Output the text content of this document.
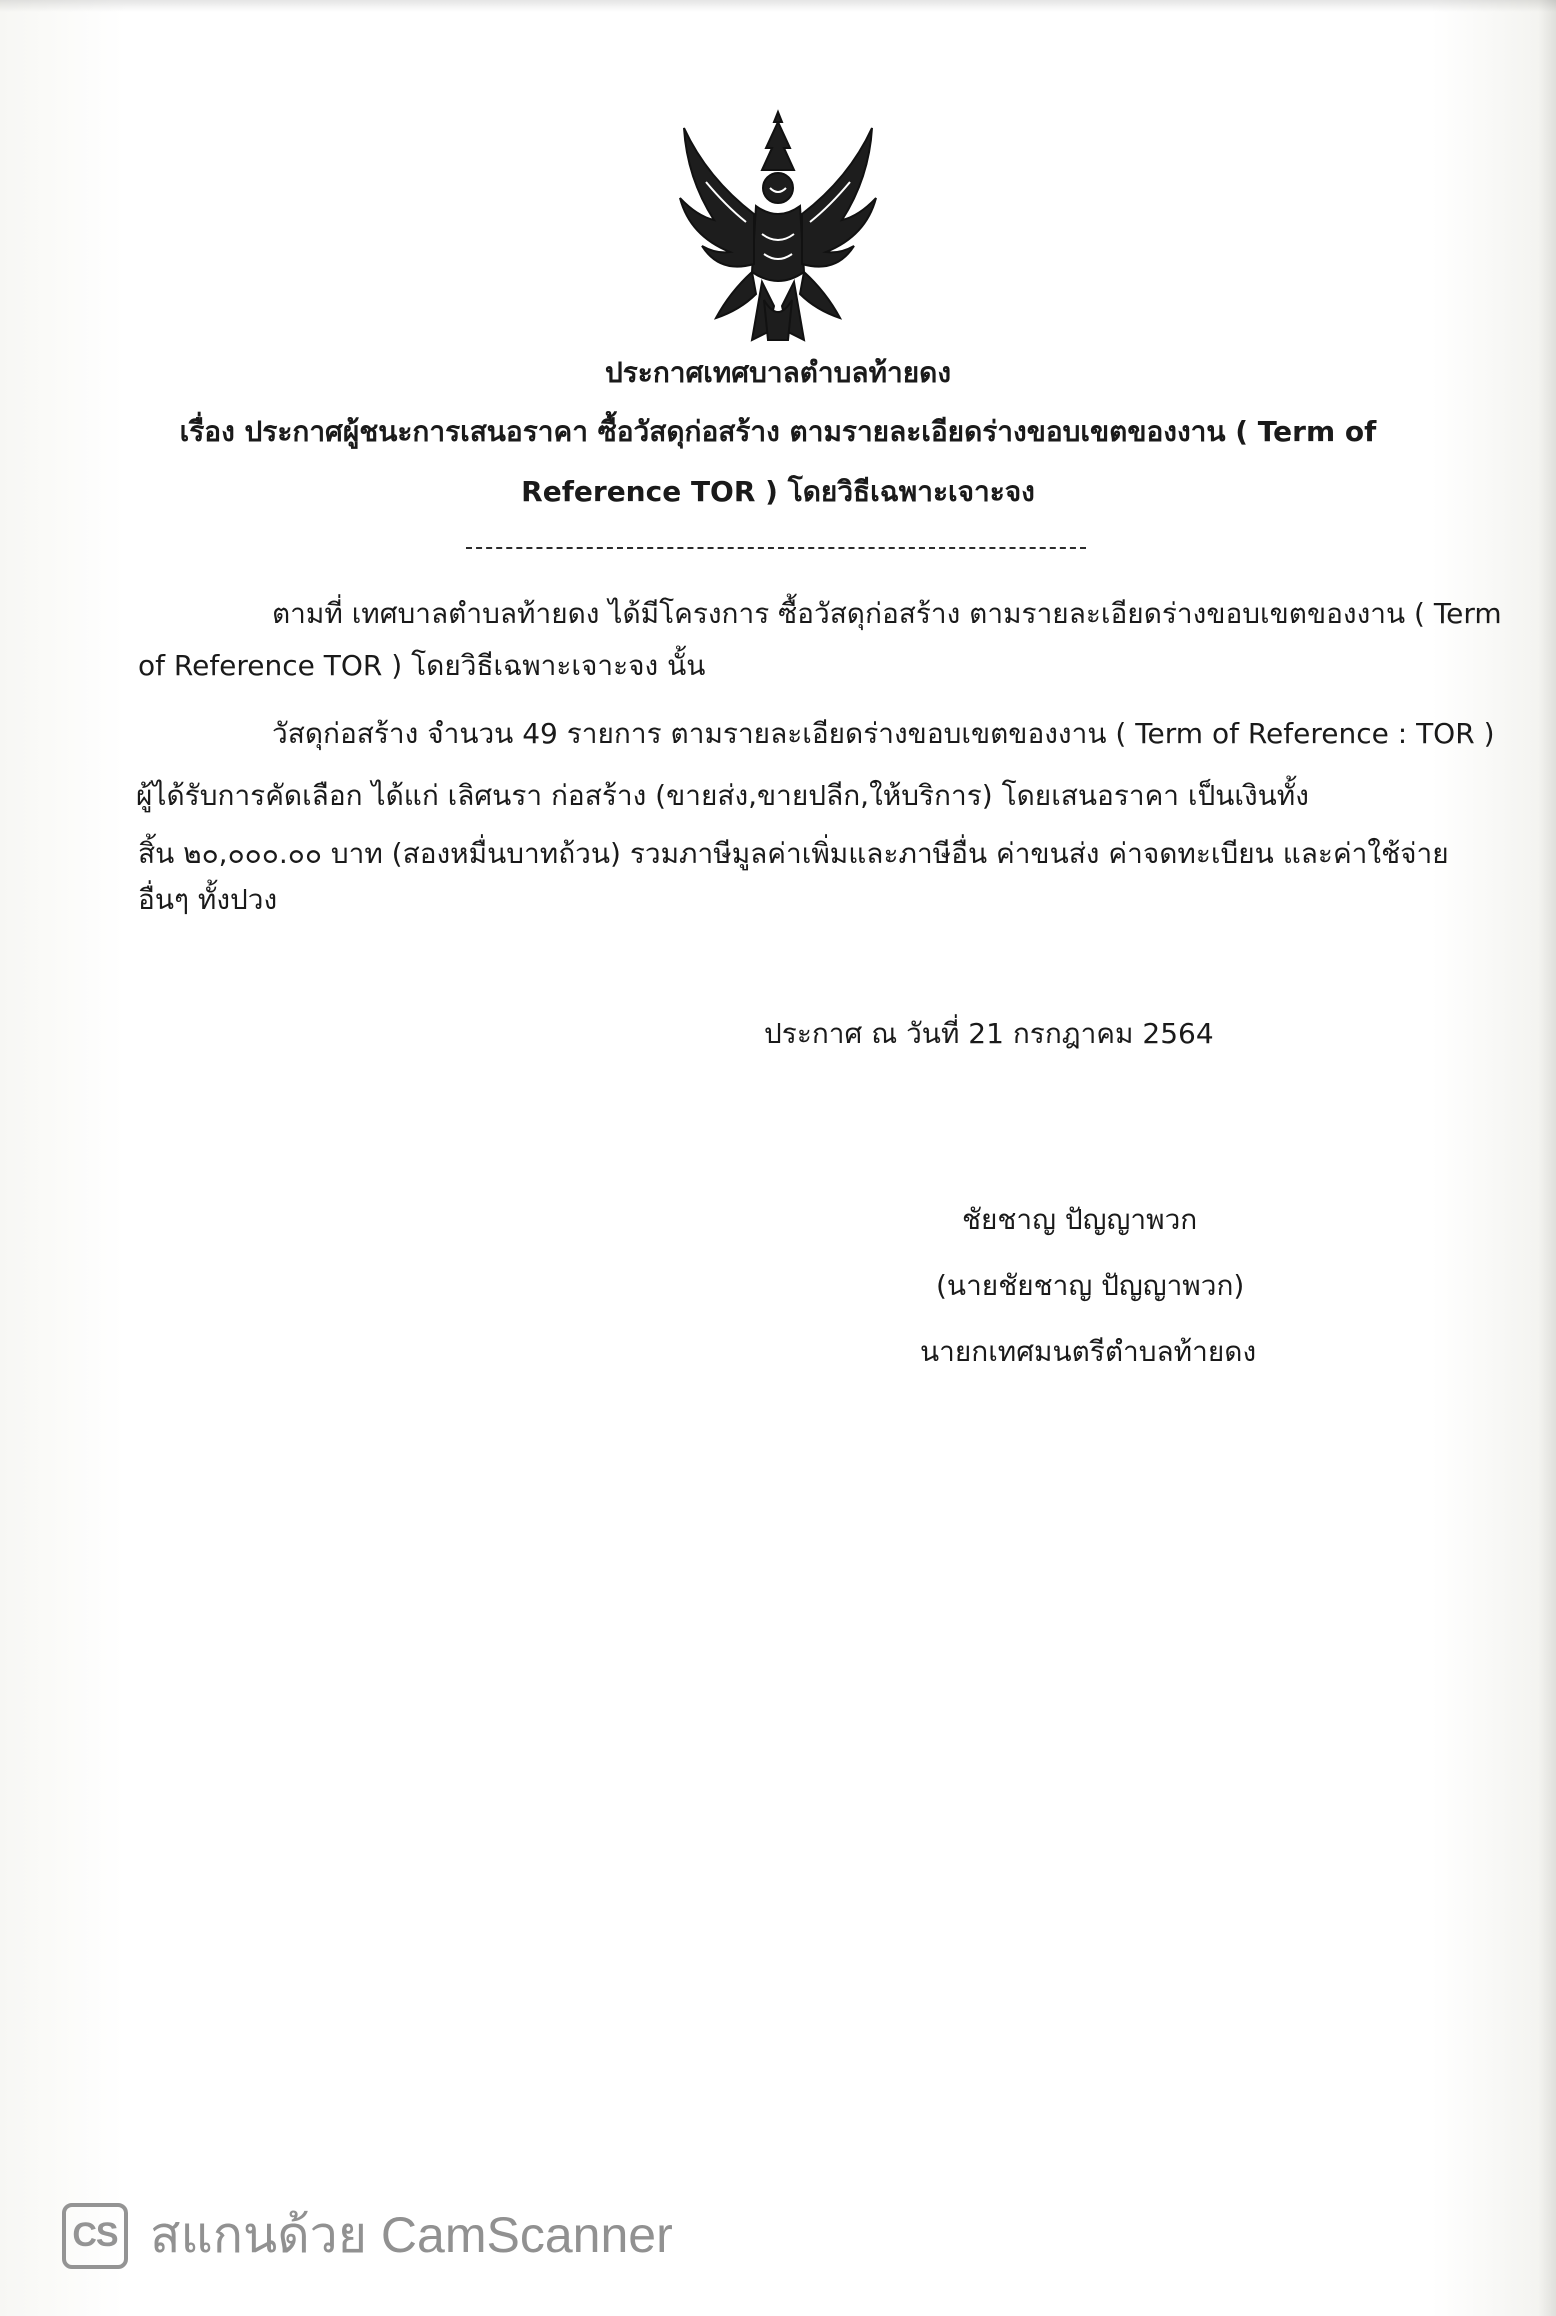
ประกาศเทศบาลตำบลท้ายดง

เรื่อง ประกาศผู้ชนะการเสนอราคา ซื้อวัสดุก่อสร้าง ตามรายละเอียดร่างขอบเขตของงาน ( Term of

Reference TOR ) โดยวิธีเฉพาะเจาะจง

ตามที่ เทศบาลตำบลท้ายดง ได้มีโครงการ ซื้อวัสดุก่อสร้าง ตามรายละเอียดร่างขอบเขตของงาน ( Term

of Reference TOR ) โดยวิธีเฉพาะเจาะจง นั้น

วัสดุก่อสร้าง จำนวน 49 รายการ ตามรายละเอียดร่างขอบเขตของงาน ( Term of Reference : TOR )

ผู้ได้รับการคัดเลือก ได้แก่ เลิศนรา ก่อสร้าง (ขายส่ง,ขายปลีก,ให้บริการ) โดยเสนอราคา เป็นเงินทั้ง

สิ้น ๒๐,๐๐๐.๐๐ บาท (สองหมื่นบาทถ้วน) รวมภาษีมูลค่าเพิ่มและภาษีอื่น ค่าขนส่ง ค่าจดทะเบียน และค่าใช้จ่าย

อื่นๆ ทั้งปวง

ประกาศ ณ วันที่ 21 กรกฎาคม 2564

ชัยชาญ ปัญญาพวก

(นายชัยชาญ ปัญญาพวก)

นายกเทศมนตรีตำบลท้ายดง

CS สแกนด้วย CamScanner
